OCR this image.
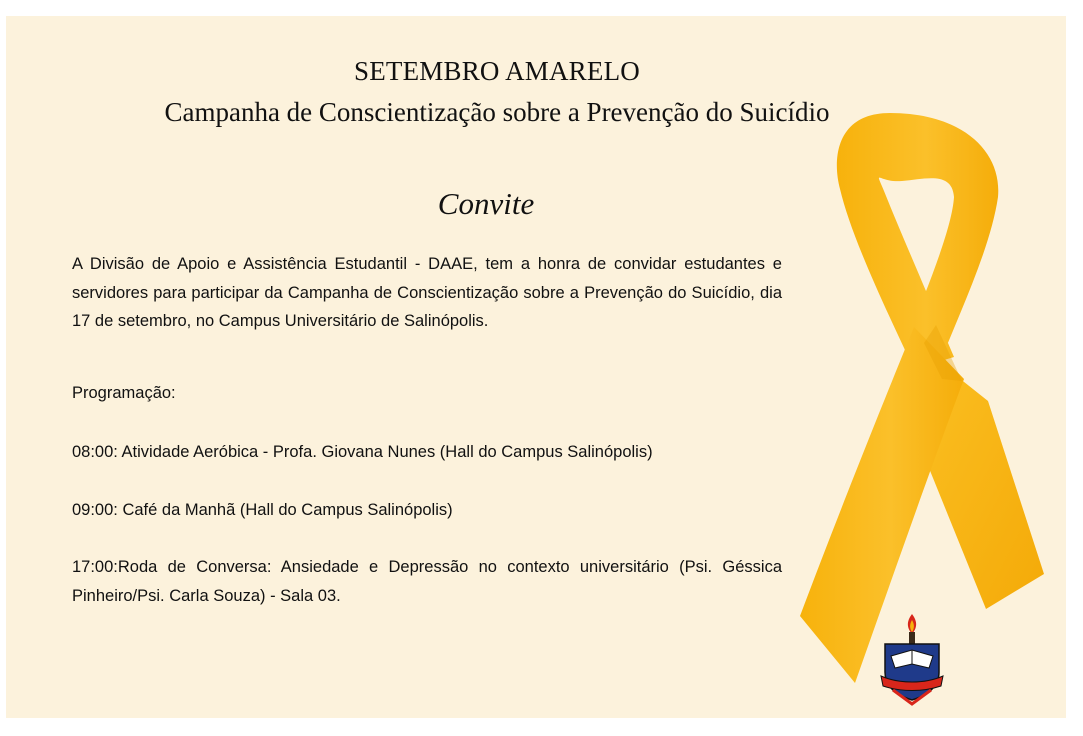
SETEMBRO AMARELO
Campanha de Conscientização sobre a Prevenção do Suicídio
Convite
A Divisão de Apoio e Assistência Estudantil - DAAE, tem a honra de convidar estudantes e servidores para participar da Campanha de Conscientização sobre a Prevenção do Suicídio, dia 17 de setembro, no Campus Universitário de Salinópolis.
Programação:
08:00: Atividade Aeróbica - Profa. Giovana Nunes (Hall do Campus Salinópolis)
09:00: Café da Manhã (Hall do Campus Salinópolis)
17:00:Roda de Conversa: Ansiedade e Depressão no contexto universitário (Psi. Géssica Pinheiro/Psi. Carla Souza) - Sala 03.
